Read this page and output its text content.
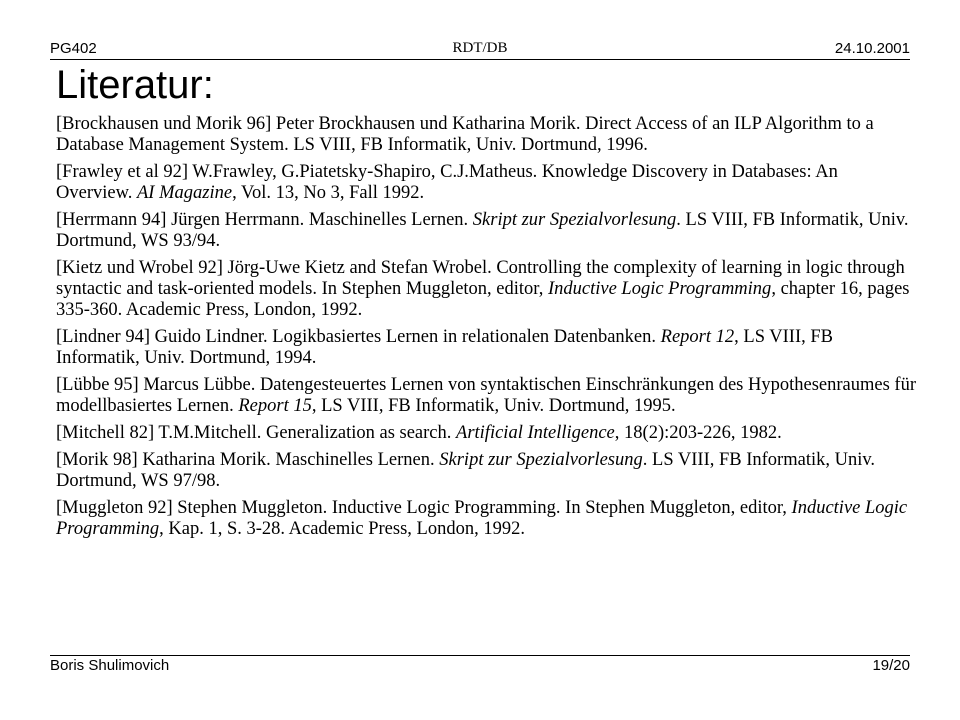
PG402	RDT/DB	24.10.2001
Literatur:
[Brockhausen und Morik 96] Peter Brockhausen und Katharina Morik. Direct Access of an ILP Algorithm to a Database Management System. LS VIII, FB Informatik, Univ. Dortmund, 1996.
[Frawley et al 92] W.Frawley, G.Piatetsky-Shapiro, C.J.Matheus. Knowledge Discovery in Databases: An Overview. AI Magazine, Vol. 13, No 3, Fall 1992.
[Herrmann 94] Jürgen Herrmann. Maschinelles Lernen. Skript zur Spezialvorlesung. LS VIII, FB Informatik, Univ. Dortmund, WS 93/94.
[Kietz und Wrobel 92] Jörg-Uwe Kietz and Stefan Wrobel. Controlling the complexity of learning in logic through syntactic and task-oriented models. In Stephen Muggleton, editor, Inductive Logic Programming, chapter 16, pages 335-360. Academic Press, London, 1992.
[Lindner 94] Guido Lindner. Logikbasiertes Lernen in relationalen Datenbanken. Report 12, LS VIII, FB Informatik, Univ. Dortmund, 1994.
[Lübbe 95] Marcus Lübbe. Datengesteuertes Lernen von syntaktischen Einschränkungen des Hypothesenraumes für modellbasiertes Lernen. Report 15, LS VIII, FB Informatik, Univ. Dortmund, 1995.
[Mitchell 82] T.M.Mitchell. Generalization as search. Artificial Intelligence, 18(2):203-226, 1982.
[Morik 98] Katharina Morik. Maschinelles Lernen. Skript zur Spezialvorlesung. LS VIII, FB Informatik, Univ. Dortmund, WS 97/98.
[Muggleton 92] Stephen Muggleton. Inductive Logic Programming. In Stephen Muggleton, editor, Inductive Logic Programming, Kap. 1, S. 3-28. Academic Press, London, 1992.
Boris Shulimovich	19/20
